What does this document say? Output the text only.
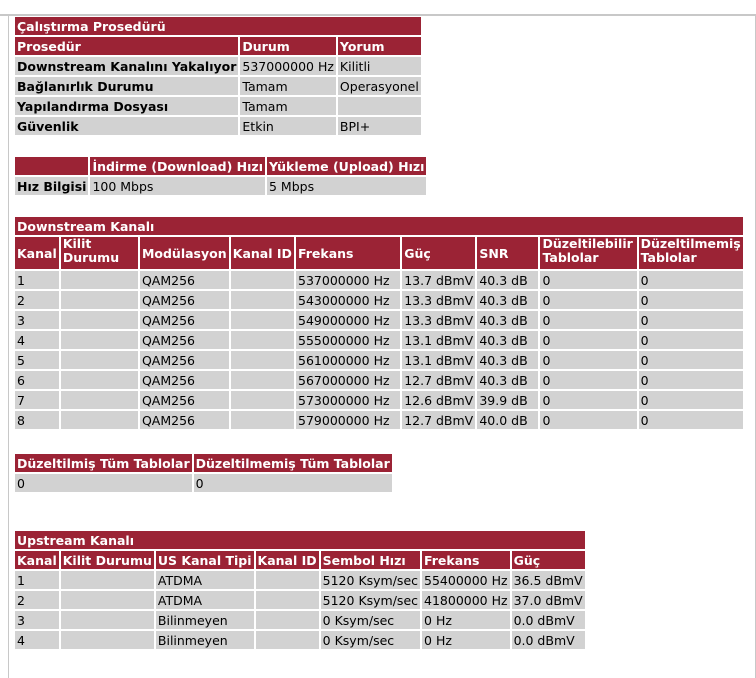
Çalıştırma Prosedürü		
Prosedür	Durum	Yorum
Downstream Kanalını Yakalıyor	537000000 Hz	Kilitli
Bağlanırlık Durumu	Tamam	Operasyonel
Yapılandırma Dosyası	Tamam	
Güvenlik	Etkin	BPI+
	İndirme (Download) Hızı	Yükleme (Upload) Hızı
Hız Bilgisi	100 Mbps	5 Mbps
Downstream Kanalı								
Kanal	Kilit Durumu	Modülasyon	Kanal ID	Frekans	Güç	SNR	Düzeltilebilir Tablolar	Düzeltilmemiş Tablolar
1		QAM256		537000000 Hz	13.7 dBmV	40.3 dB	0	0
2		QAM256		543000000 Hz	13.3 dBmV	40.3 dB	0	0
3		QAM256		549000000 Hz	13.3 dBmV	40.3 dB	0	0
4		QAM256		555000000 Hz	13.1 dBmV	40.3 dB	0	0
5		QAM256		561000000 Hz	13.1 dBmV	40.3 dB	0	0
6		QAM256		567000000 Hz	12.7 dBmV	40.3 dB	0	0
7		QAM256		573000000 Hz	12.6 dBmV	39.9 dB	0	0
8		QAM256		579000000 Hz	12.7 dBmV	40.0 dB	0	0
Düzeltilmiş Tüm Tablolar	Düzeltilmemiş Tüm Tablolar
0	0
Upstream Kanalı						
Kanal	Kilit Durumu	US Kanal Tipi	Kanal ID	Sembol Hızı	Frekans	Güç
1		ATDMA		5120 Ksym/sec	55400000 Hz	36.5 dBmV
2		ATDMA		5120 Ksym/sec	41800000 Hz	37.0 dBmV
3		Bilinmeyen		0 Ksym/sec	0 Hz	0.0 dBmV
4		Bilinmeyen		0 Ksym/sec	0 Hz	0.0 dBmV
